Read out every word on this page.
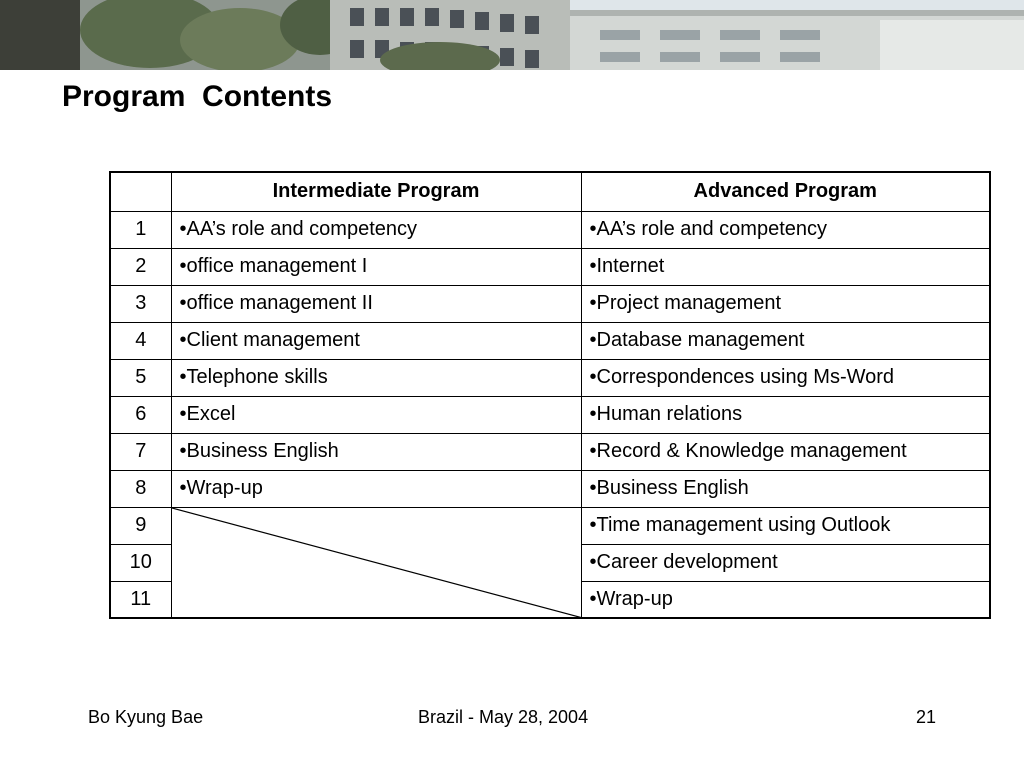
Program  Contents
	Intermediate Program	Advanced Program
1	•AA’s role and competency	•AA’s role and competency
2	•office management I	•Internet
3	•office management II	•Project management
4	•Client management	•Database management
5	•Telephone skills	•Correspondences using Ms-Word
6	•Excel	•Human relations
7	•Business English	•Record & Knowledge management
8	•Wrap-up	•Business English
9		•Time management using Outlook
10		•Career development
11		•Wrap-up
Bo Kyung Bae	Brazil - May 28, 2004	21
